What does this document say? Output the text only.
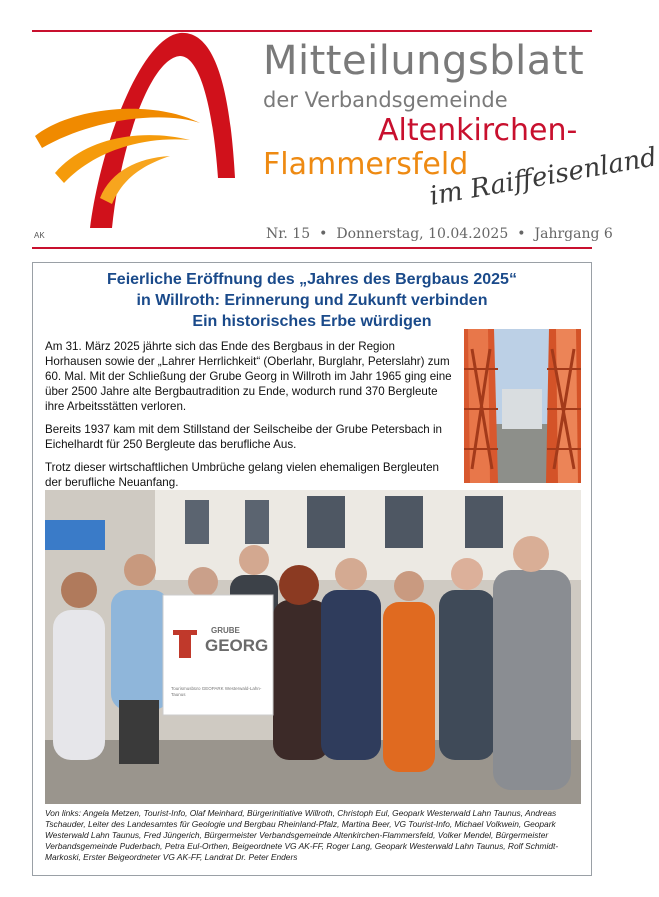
AK
Mitteilungsblatt
der Verbandsgemeinde
Altenkirchen-
Flammersfeld
im Raiffeisenland
Nr. 15 • Donnerstag, 10.04.2025 • Jahrgang 6
Feierliche Eröffnung des „Jahres des Bergbaus 2025“
in Willroth: Erinnerung und Zukunft verbinden
Ein historisches Erbe würdigen

Am 31. März 2025 jährte sich das Ende des Bergbaus in der Region Horhausen sowie der „Lahrer Herrlichkeit“ (Oberlahr, Burglahr, Peterslahr) zum 60. Mal. Mit der Schließung der Grube Georg in Willroth im Jahr 1965 ging eine über 2500 Jahre alte Bergbautradition zu Ende, wodurch rund 370 Bergleute ihre Arbeitsstätten verloren.

Bereits 1937 kam mit dem Stillstand der Seilscheibe der Grube Petersbach in Eichelhardt für 250 Bergleute das berufliche Aus.

Trotz dieser wirtschaftlichen Umbrüche gelang vielen ehemaligen Bergleuten der berufliche Neuanfang.

GRUBE
GEORG
Tourismusbüro GEOPARK Westerwald-Lahn-Taunus
Von links: Angela Metzen, Tourist-Info, Olaf Meinhard, Bürgerinitiative Willroth, Christoph Eul, Geopark Westerwald Lahn Taunus, Andreas Tschauder, Leiter des Landesamtes für Geologie und Bergbau Rheinland-Pfalz, Martina Beer, VG Tourist-Info, Michael Volkwein, Geopark Westerwald Lahn Taunus, Fred Jüngerich, Bürgermeister Verbandsgemeinde Altenkirchen-Flammersfeld, Volker Mendel, Bürgermeister Verbandsgemeinde Puderbach, Petra Eul-Orthen, Beigeordnete VG AK-FF, Roger Lang, Geopark Westerwald Lahn Taunus, Rolf Schmidt-Markoski, Erster Beigeordneter VG AK-FF, Landrat Dr. Peter Enders
